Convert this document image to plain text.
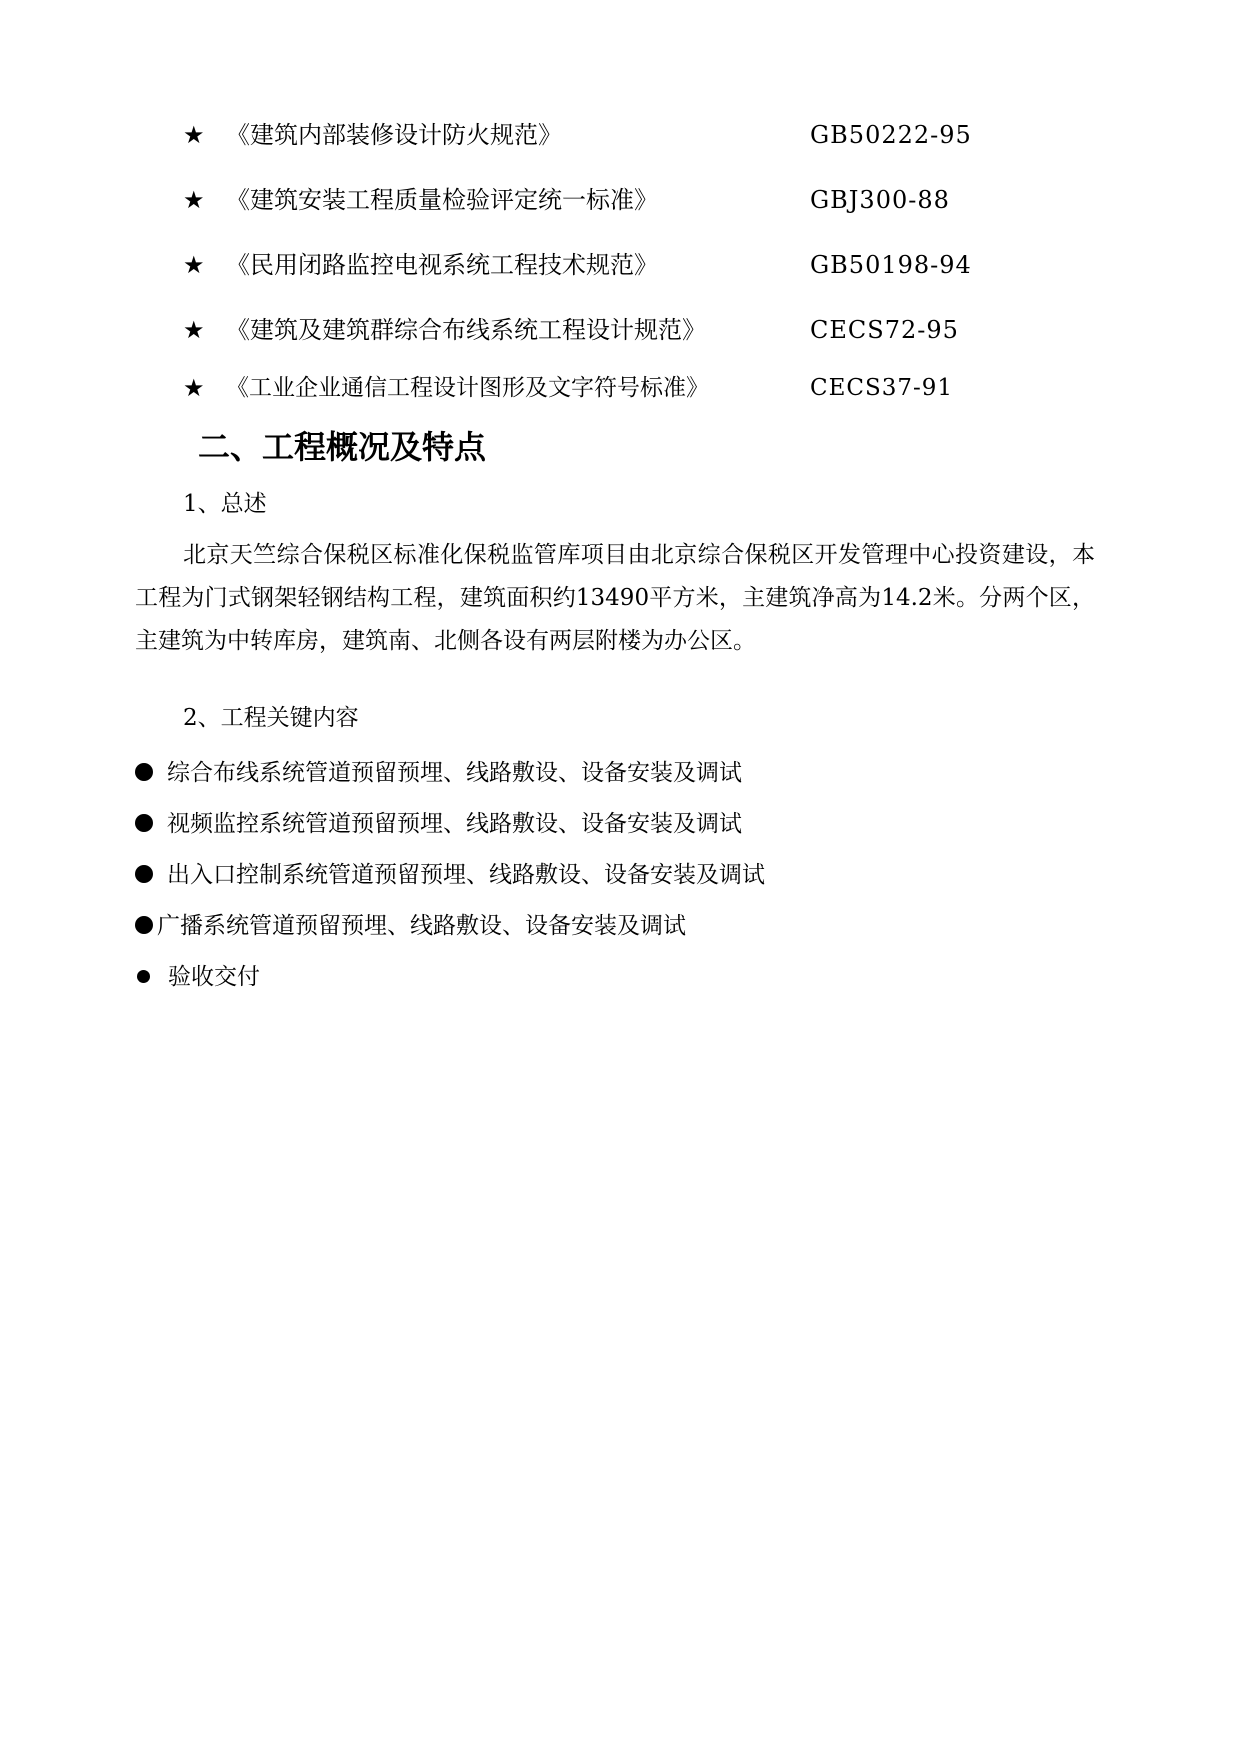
★ 《建筑内部装修设计防火规范》	GB50222-95
★ 《建筑安装工程质量检验评定统一标准》	GBJ300-88
★ 《民用闭路监控电视系统工程技术规范》	GB50198-94
★ 《建筑及建筑群综合布线系统工程设计规范》	CECS72-95
★ 《工业企业通信工程设计图形及文字符号标准》	CECS37-91
二、工程概况及特点
1、总述
北京天竺综合保税区标准化保税监管库项目由北京综合保税区开发管理中心投资建设，本工程为门式钢架轻钢结构工程，建筑面积约13490平方米，主建筑净高为14.2米。分两个区，主建筑为中转库房，建筑南、北侧各设有两层附楼为办公区。
2、工程关键内容
综合布线系统管道预留预埋、线路敷设、设备安装及调试
视频监控系统管道预留预埋、线路敷设、设备安装及调试
出入口控制系统管道预留预埋、线路敷设、设备安装及调试
广播系统管道预留预埋、线路敷设、设备安装及调试
验收交付
